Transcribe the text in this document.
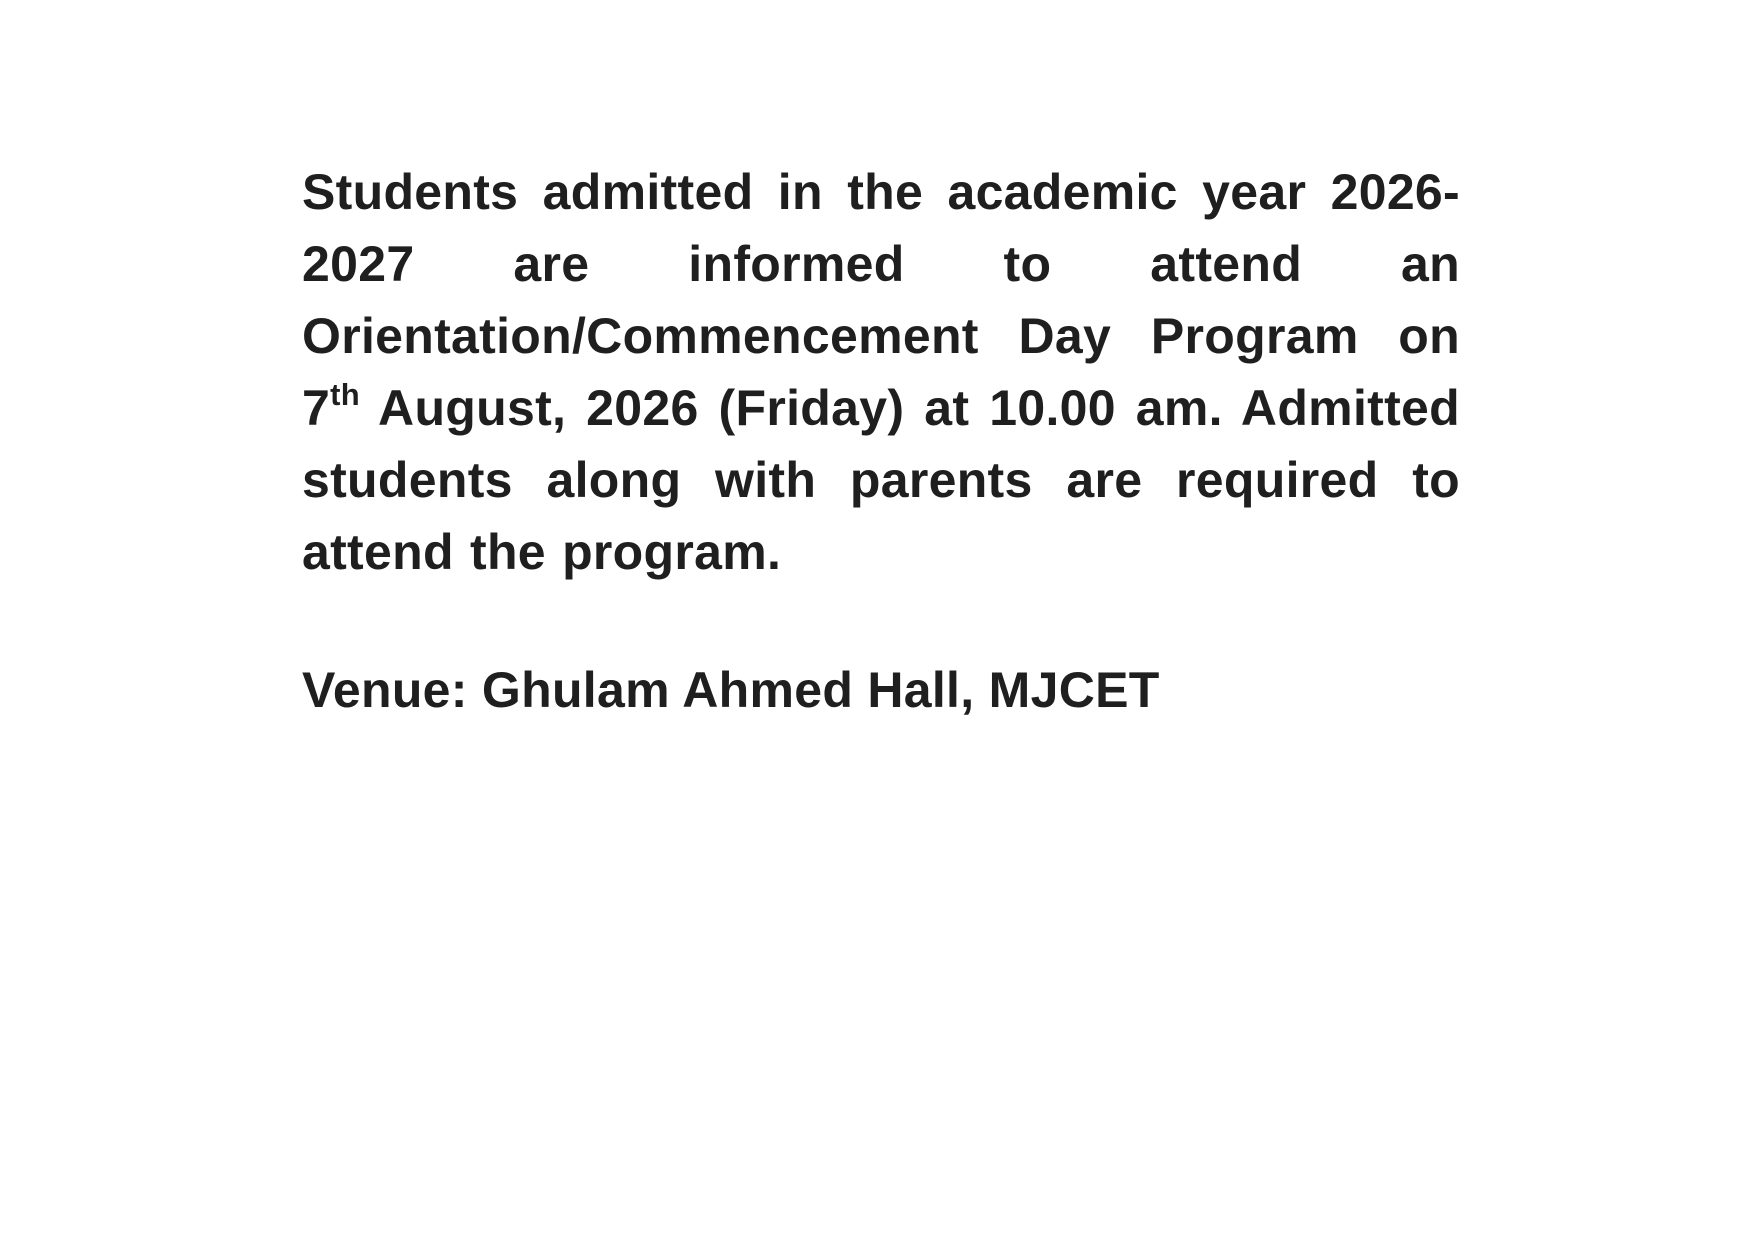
Students admitted in the academic year 2026-2027 are informed to attend an Orientation/Commencement Day Program on 7th August, 2026 (Friday) at 10.00 am. Admitted students along with parents are required to attend the program.

Venue: Ghulam Ahmed Hall, MJCET
